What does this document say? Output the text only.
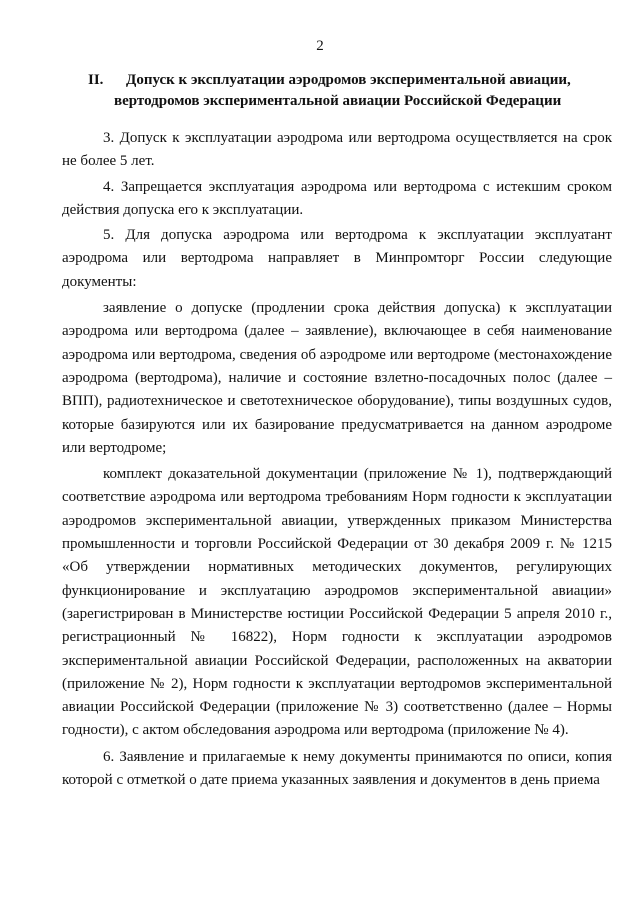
2
II. Допуск к эксплуатации аэродромов экспериментальной авиации,
вертодромов экспериментальной авиации Российской Федерации

3. Допуск к эксплуатации аэродрома или вертодрома осуществляется на срок не более 5 лет.

4. Запрещается эксплуатация аэродрома или вертодрома с истекшим сроком действия допуска его к эксплуатации.

5. Для допуска аэродрома или вертодрома к эксплуатации эксплуатант аэродрома или вертодрома направляет в Минпромторг России следующие документы:

заявление о допуске (продлении срока действия допуска) к эксплуатации аэродрома или вертодрома (далее – заявление), включающее в себя наименование аэродрома или вертодрома, сведения об аэродроме или вертодроме (местонахождение аэродрома (вертодрома), наличие и состояние взлетно-посадочных полос (далее – ВПП), радиотехническое и светотехническое оборудование), типы воздушных судов, которые базируются или их базирование предусматривается на данном аэродроме или вертодроме;

комплект доказательной документации (приложение № 1), подтверждающий соответствие аэродрома или вертодрома требованиям Норм годности к эксплуатации аэродромов экспериментальной авиации, утвержденных приказом Министерства промышленности и торговли Российской Федерации от 30 декабря 2009 г. № 1215 «Об утверждении нормативных методических документов, регулирующих функционирование и эксплуатацию аэродромов экспериментальной авиации» (зарегистрирован в Министерстве юстиции Российской Федерации 5 апреля 2010 г., регистрационный № 16822), Норм годности к эксплуатации аэродромов экспериментальной авиации Российской Федерации, расположенных на акватории (приложение № 2), Норм годности к эксплуатации вертодромов экспериментальной авиации Российской Федерации (приложение № 3) соответственно (далее – Нормы годности), с актом обследования аэродрома или вертодрома (приложение № 4).

6. Заявление и прилагаемые к нему документы принимаются по описи, копия которой с отметкой о дате приема указанных заявления и документов в день приема
